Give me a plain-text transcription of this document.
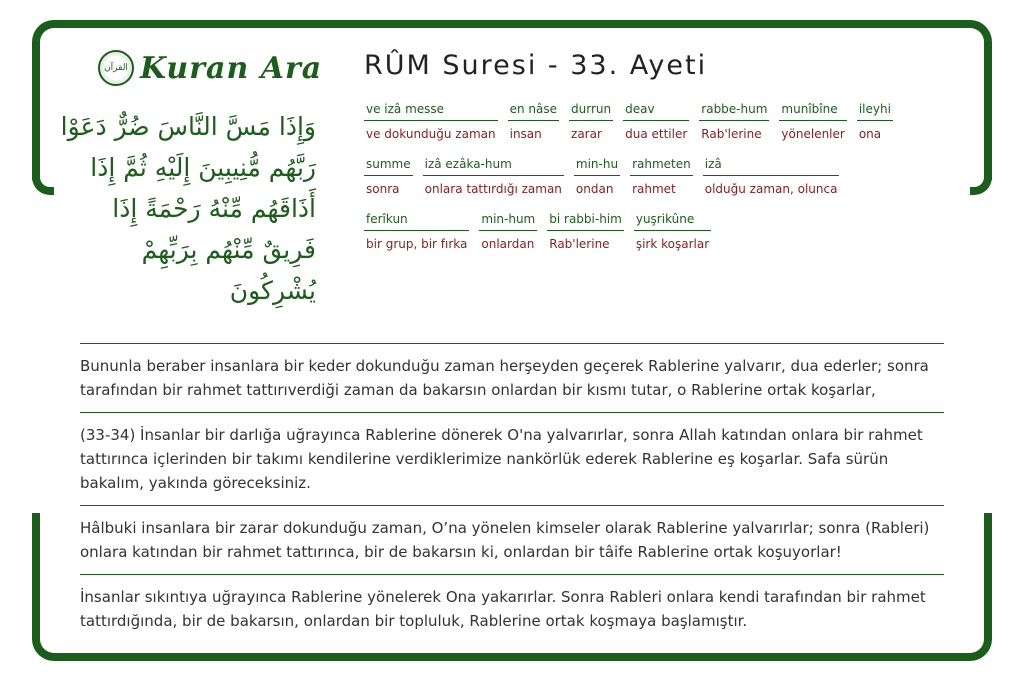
القرآن Kuran Ara
وَإِذَا مَسَّ النَّاسَ ضُرٌّ دَعَوْا رَبَّهُم مُّنِيبِينَ إِلَيْهِ ثُمَّ إِذَا أَذَاقَهُم مِّنْهُ رَحْمَةً إِذَا فَرِيقٌ مِّنْهُم بِرَبِّهِمْ يُشْرِكُونَ
RÛM Suresi - 33. Ayeti
ve izâ messe
ve dokunduğu zaman
en nâse
insan
durrun
zarar
deav
dua ettiler
rabbe-hum
Rab'lerine
munîbîne
yönelenler
ileyhi
ona
summe
sonra
izâ ezâka-hum
onlara tattırdığı zaman
min-hu
ondan
rahmeten
rahmet
izâ
olduğu zaman, olunca
ferîkun
bir grup, bir fırka
min-hum
onlardan
bi rabbi-him
Rab'lerine
yuşrikûne
şirk koşarlar
Bununla beraber insanlara bir keder dokunduğu zaman herşeyden geçerek Rablerine yalvarır, dua ederler; sonra tarafından bir rahmet tattırıverdiği zaman da bakarsın onlardan bir kısmı tutar, o Rablerine ortak koşarlar,
(33-34) İnsanlar bir darlığa uğrayınca Rablerine dönerek O'na yalvarırlar, sonra Allah katından onlara bir rahmet tattırınca içlerinden bir takımı kendilerine verdiklerimize nankörlük ederek Rablerine eş koşarlar. Safa sürün bakalım, yakında göreceksiniz.
Hâlbuki insanlara bir zarar dokunduğu zaman, O’na yönelen kimseler olarak Rablerine yalvarırlar; sonra (Rableri) onlara katından bir rahmet tattırınca, bir de bakarsın ki, onlardan bir tâife Rablerine ortak koşuyorlar!
İnsanlar sıkıntıya uğrayınca Rablerine yönelerek Ona yakarırlar. Sonra Rableri onlara kendi tarafından bir rahmet tattırdığında, bir de bakarsın, onlardan bir topluluk, Rablerine ortak koşmaya başlamıştır.
